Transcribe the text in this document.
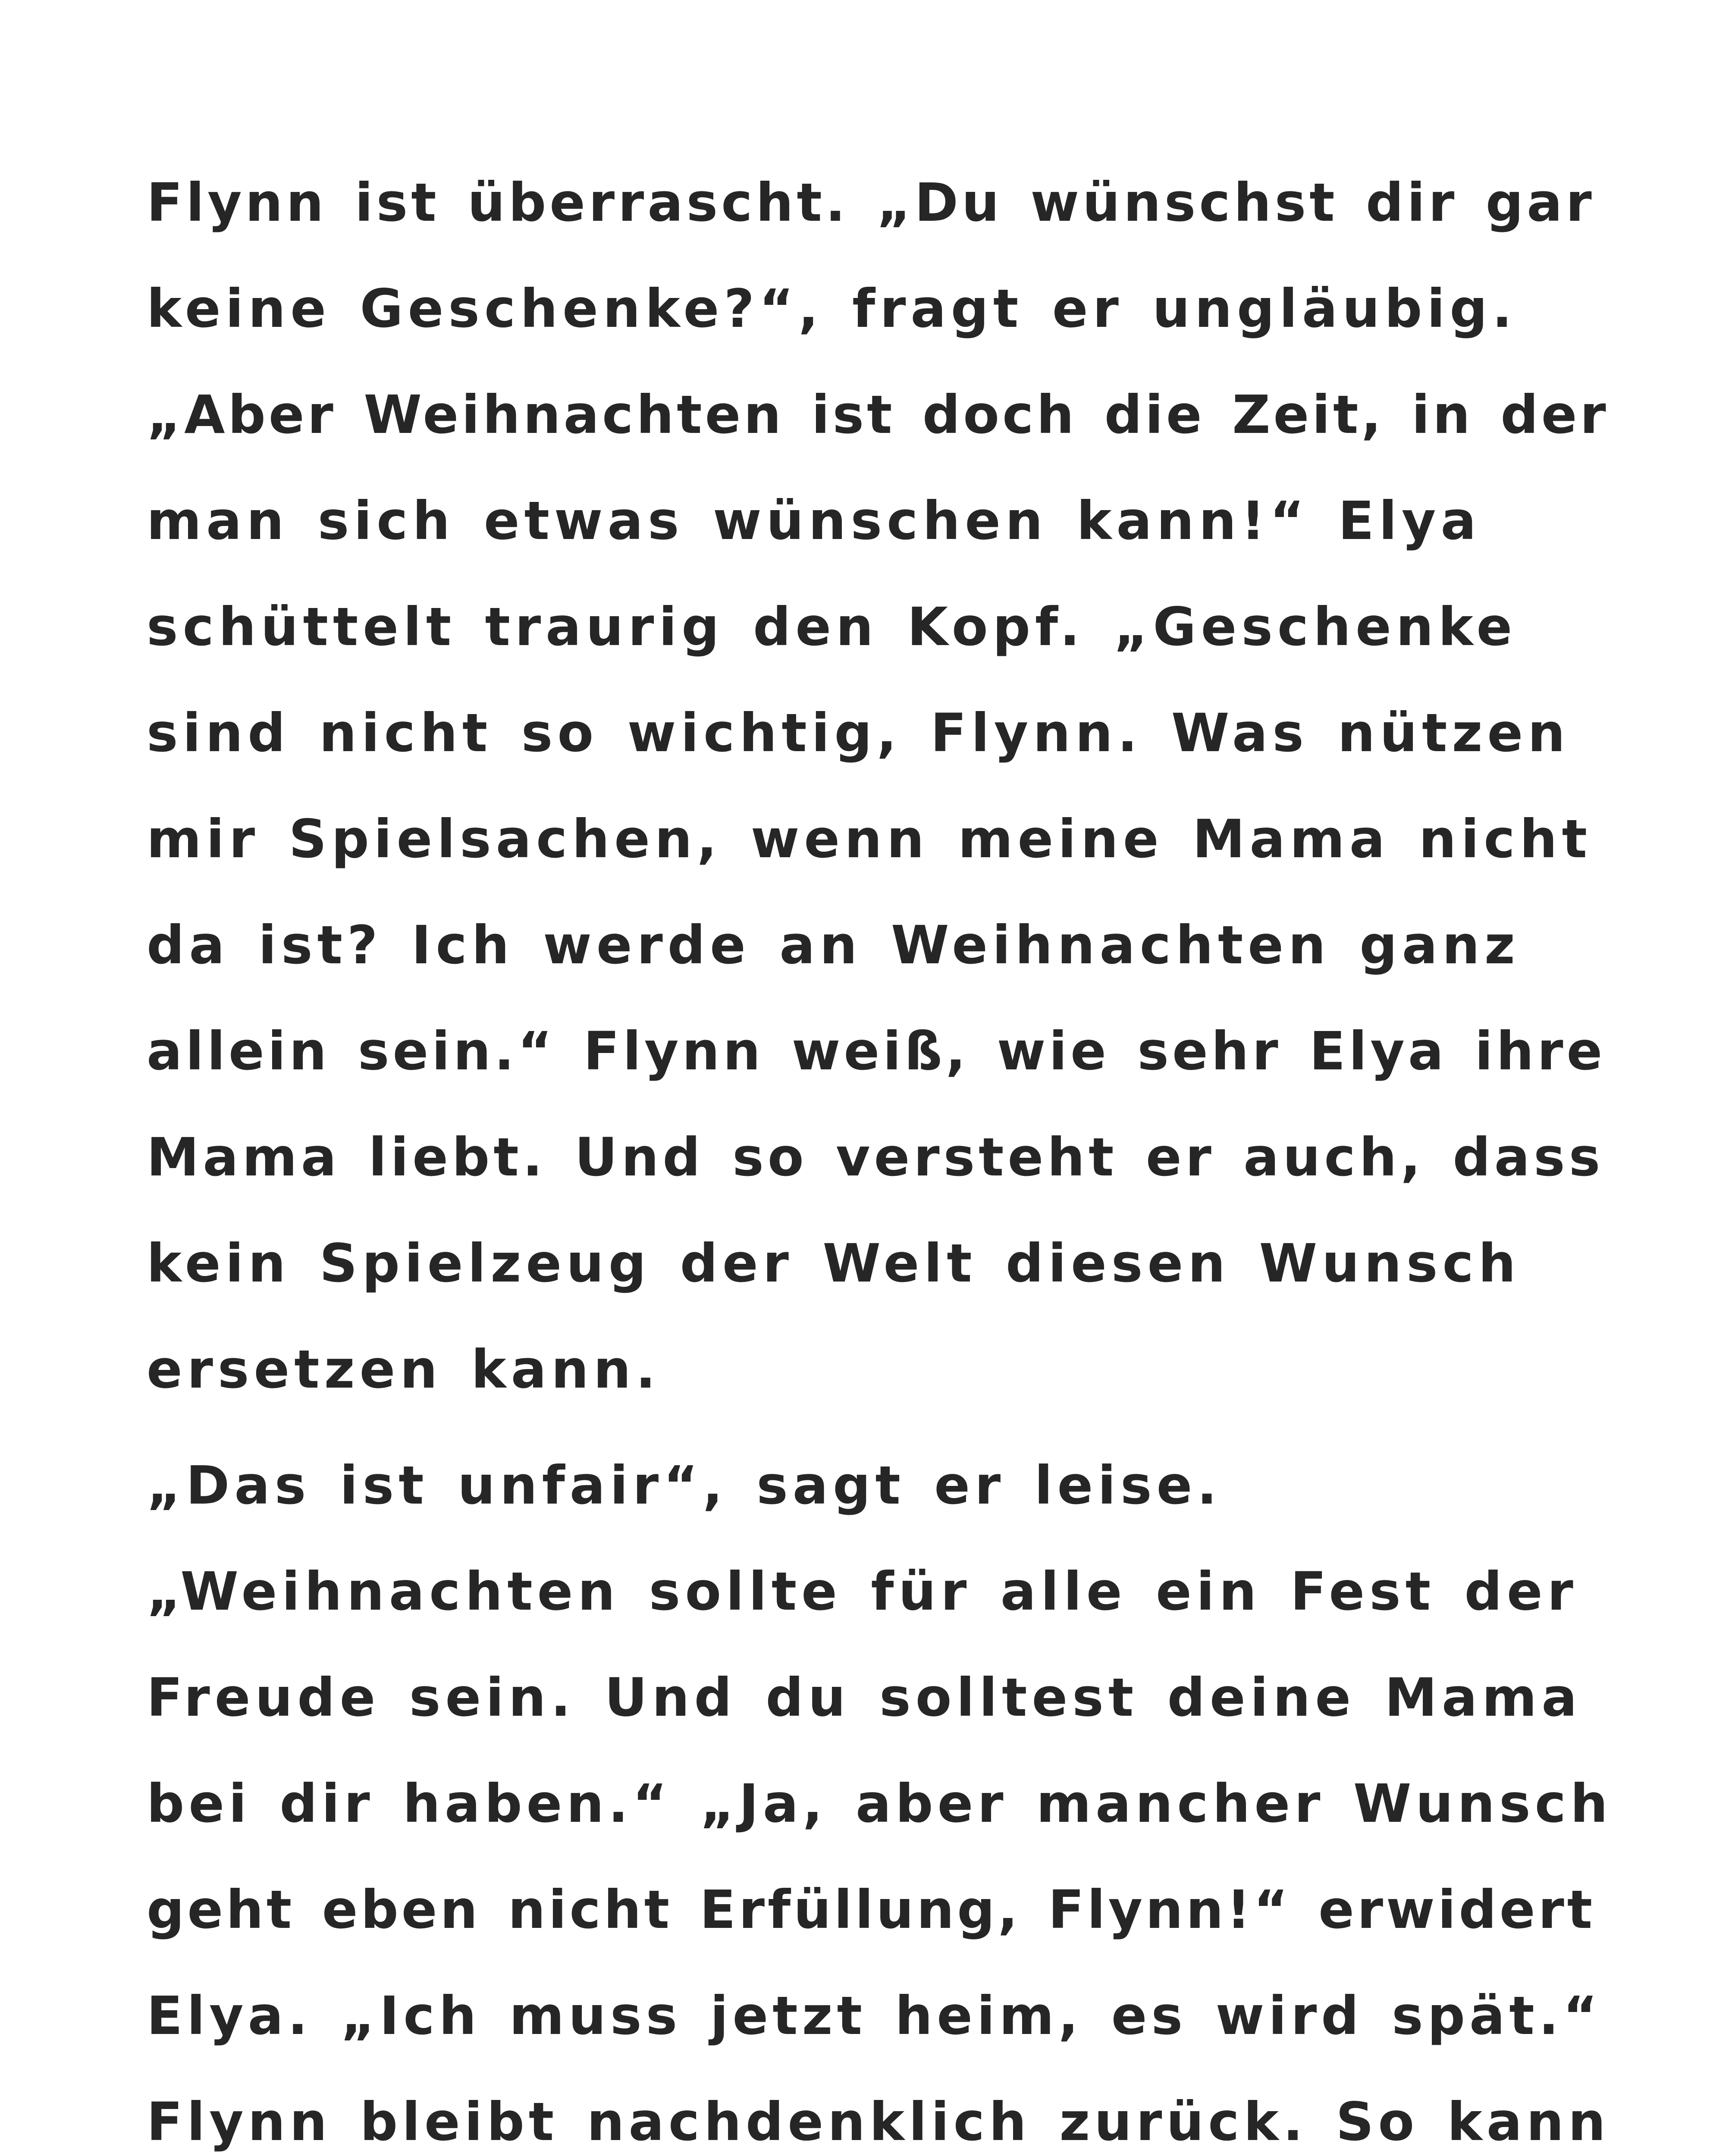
Flynn ist überrascht. „Du wünschst dir gar
keine Geschenke?“, fragt er ungläubig.
„Aber Weihnachten ist doch die Zeit, in der
man sich etwas wünschen kann!“ Elya
schüttelt traurig den Kopf. „Geschenke
sind nicht so wichtig, Flynn. Was nützen
mir Spielsachen, wenn meine Mama nicht
da ist? Ich werde an Weihnachten ganz
allein sein.“ Flynn weiß, wie sehr Elya ihre
Mama liebt. Und so versteht er auch, dass
kein Spielzeug der Welt diesen Wunsch
ersetzen kann.
„Das ist unfair“, sagt er leise.
„Weihnachten sollte für alle ein Fest der
Freude sein. Und du solltest deine Mama
bei dir haben.“ „Ja, aber mancher Wunsch
geht eben nicht Erfüllung, Flynn!“ erwidert
Elya. „Ich muss jetzt heim, es wird spät.“
Flynn bleibt nachdenklich zurück. So kann
